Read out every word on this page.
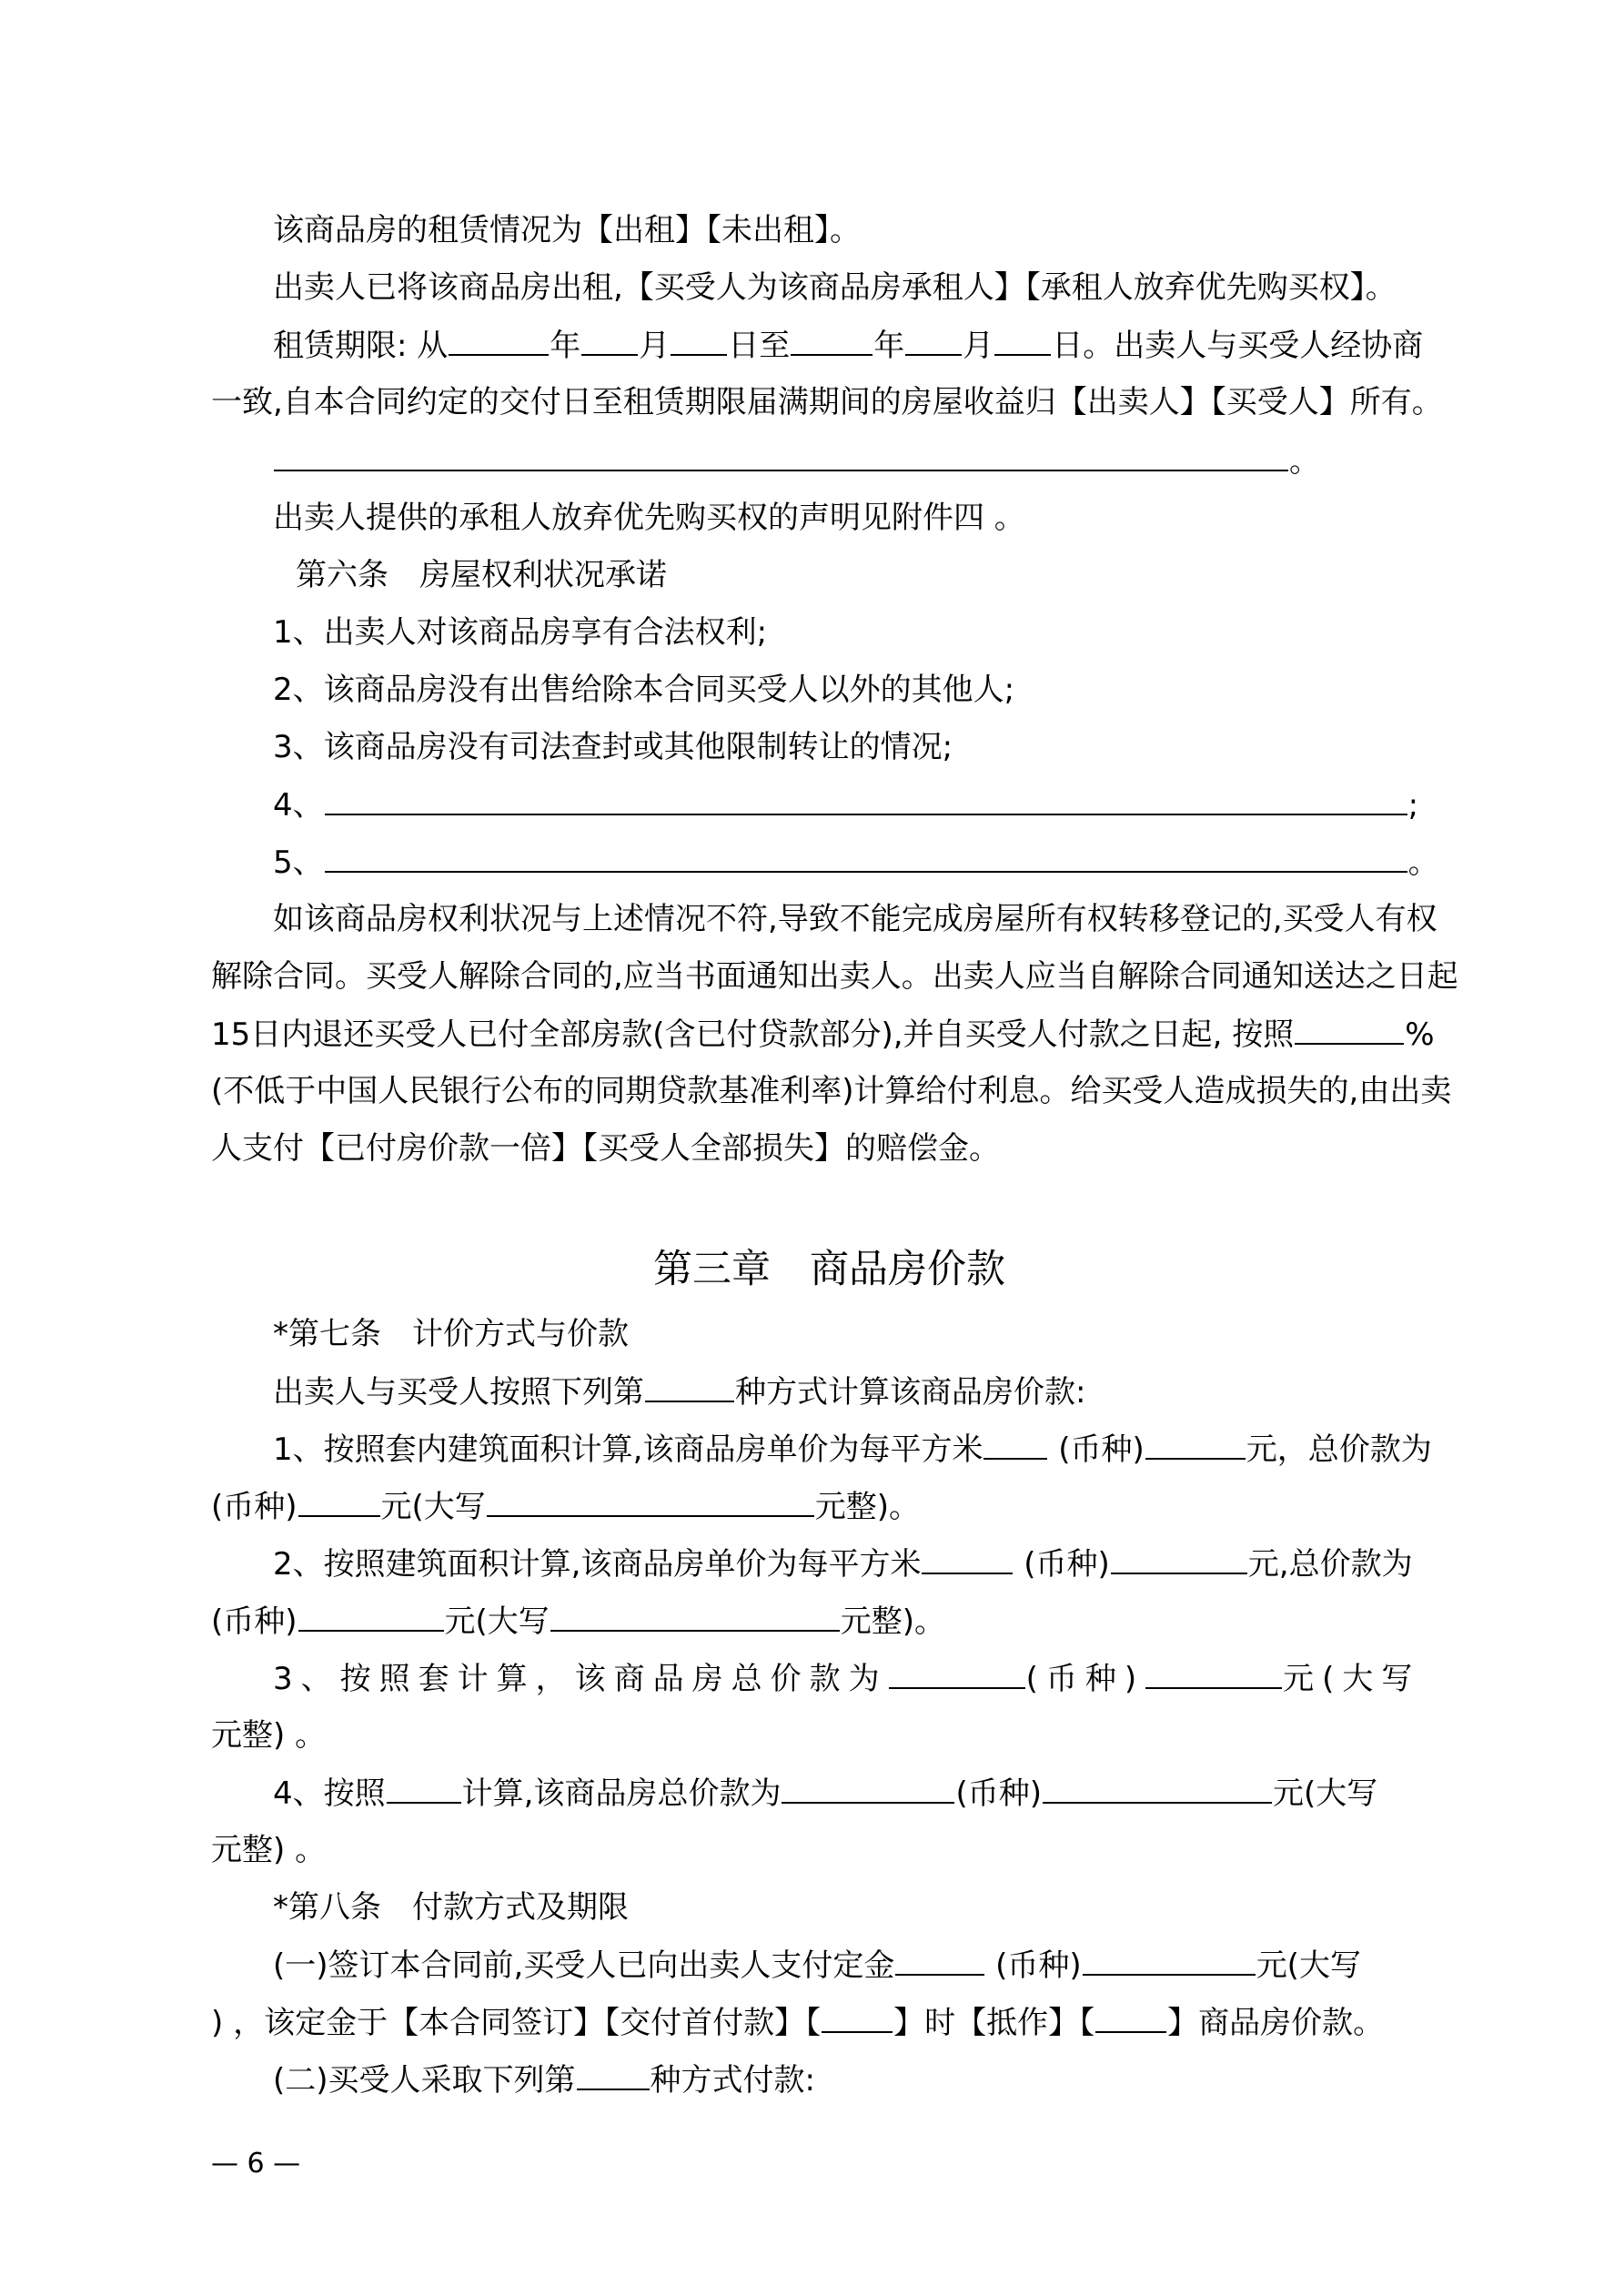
该商品房的租赁情况为【出租】【未出租】。
出卖人已将该商品房出租,【买受人为该商品房承租人】【承租人放弃优先购买权】。
租赁期限: 从	年 月 日至	年 月 日。出卖人与买受人经协商
一致,自本合同约定的交付日至租赁期限届满期间的房屋收益归【出卖人】【买受人】所有。
。
出卖人提供的承租人放弃优先购买权的声明见附件四 。
第六条　房屋权利状况承诺
1、出卖人对该商品房享有合法权利;
2、该商品房没有出售给除本合同买受人以外的其他人;
3、该商品房没有司法查封或其他限制转让的情况;
4、	;
5、	。
如该商品房权利状况与上述情况不符,导致不能完成房屋所有权转移登记的,买受人有权
解除合同。买受人解除合同的,应当书面通知出卖人。出卖人应当自解除合同通知送达之日起
15日内退还买受人已付全部房款(含已付贷款部分),并自买受人付款之日起, 按照	%
(不低于中国人民银行公布的同期贷款基准利率)计算给付利息。给买受人造成损失的,由出卖
人支付【已付房价款一倍】【买受人全部损失】的赔偿金。
第三章　商品房价款
*第七条　计价方式与价款
出卖人与买受人按照下列第	种方式计算该商品房价款:
1、按照套内建筑面积计算,该商品房单价为每平方米 (币种)	元，总价款为
(币种)	元(大写	元整)。
2、按照建筑面积计算,该商品房单价为每平方米	(币种)	元,总价款为
(币种)	元(大写	元整)。
3、按照套计算，该商品房总价款为	(币种)	元(大写
元整) 。
4、按照 计算,该商品房总价款为	(币种)	元(大写
元整) 。
*第八条　付款方式及期限
(一)签订本合同前,买受人已向出卖人支付定金	(币种)	元(大写
) ，该定金于【本合同签订】【交付首付款】【 】时【抵作】【 】商品房价款。
(二)买受人采取下列第 种方式付款:
— 6 —
